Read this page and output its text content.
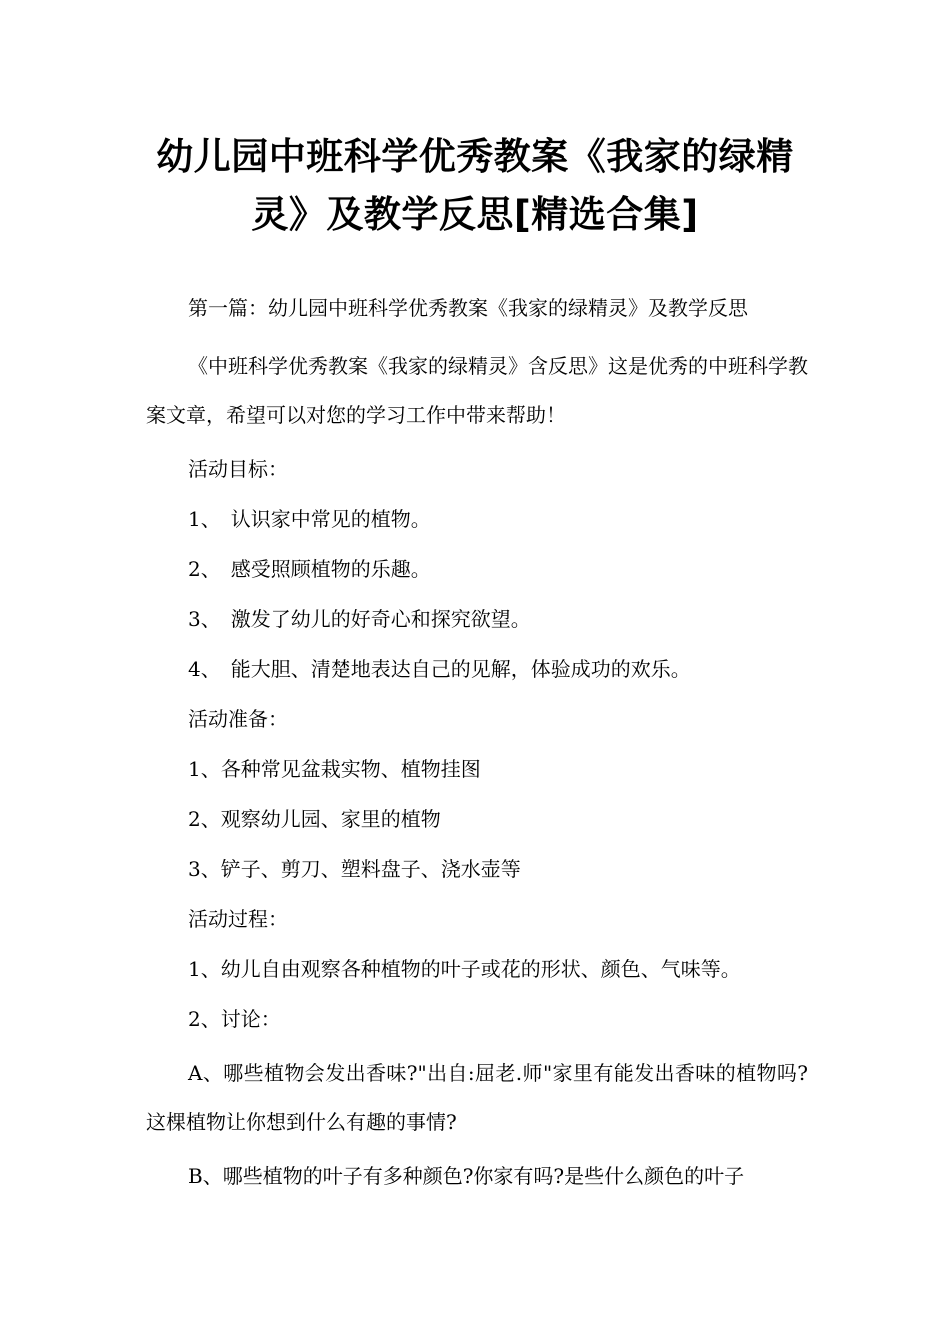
幼儿园中班科学优秀教案《我家的绿精
灵》及教学反思[精选合集]

第一篇：幼儿园中班科学优秀教案《我家的绿精灵》及教学反思

《中班科学优秀教案《我家的绿精灵》含反思》这是优秀的中班科学教案文章，希望可以对您的学习工作中带来帮助！

活动目标：

1、　认识家中常见的植物。

2、　感受照顾植物的乐趣。

3、　激发了幼儿的好奇心和探究欲望。

4、　能大胆、清楚地表达自己的见解，体验成功的欢乐。

活动准备：

1、各种常见盆栽实物、植物挂图

2、观察幼儿园、家里的植物

3、铲子、剪刀、塑料盘子、浇水壶等

活动过程：

1、幼儿自由观察各种植物的叶子或花的形状、颜色、气味等。

2、讨论：

A、哪些植物会发出香味?"出自:屈老.师"家里有能发出香味的植物吗?这棵植物让你想到什么有趣的事情?

B、哪些植物的叶子有多种颜色?你家有吗?是些什么颜色的叶子
